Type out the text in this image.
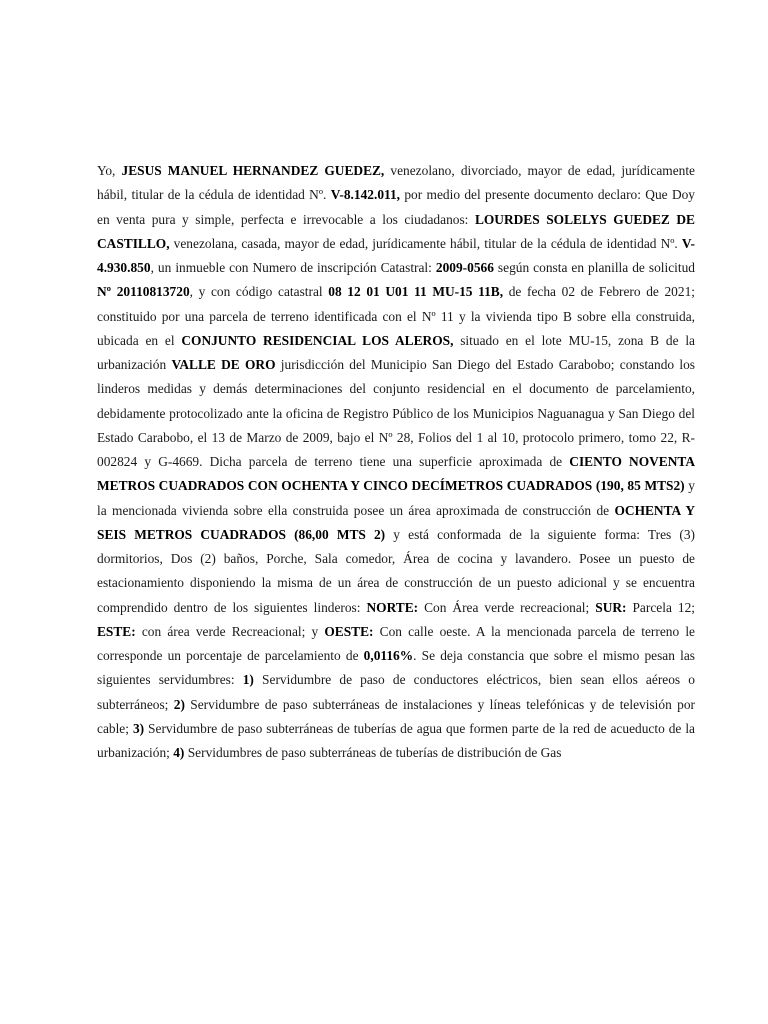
Yo, JESUS MANUEL HERNANDEZ GUEDEZ, venezolano, divorciado, mayor de edad, jurídicamente hábil, titular de la cédula de identidad Nº. V-8.142.011, por medio del presente documento declaro: Que Doy en venta pura y simple, perfecta e irrevocable a los ciudadanos: LOURDES SOLELYS GUEDEZ DE CASTILLO, venezolana, casada, mayor de edad, jurídicamente hábil, titular de la cédula de identidad Nº. V-4.930.850, un inmueble con Numero de inscripción Catastral: 2009-0566 según consta en planilla de solicitud Nº 20110813720, y con código catastral 08 12 01 U01 11 MU-15 11B, de fecha 02 de Febrero de 2021; constituido por una parcela de terreno identificada con el Nº 11 y la vivienda tipo B sobre ella construida, ubicada en el CONJUNTO RESIDENCIAL LOS ALEROS, situado en el lote MU-15, zona B de la urbanización VALLE DE ORO jurisdicción del Municipio San Diego del Estado Carabobo; constando los linderos medidas y demás determinaciones del conjunto residencial en el documento de parcelamiento, debidamente protocolizado ante la oficina de Registro Público de los Municipios Naguanagua y San Diego del Estado Carabobo, el 13 de Marzo de 2009, bajo el Nº 28, Folios del 1 al 10, protocolo primero, tomo 22, R-002824 y G-4669. Dicha parcela de terreno tiene una superficie aproximada de CIENTO NOVENTA METROS CUADRADOS CON OCHENTA Y CINCO DECÍMETROS CUADRADOS (190, 85 MTS2) y la mencionada vivienda sobre ella construida posee un área aproximada de construcción de OCHENTA Y SEIS METROS CUADRADOS (86,00 MTS 2) y está conformada de la siguiente forma: Tres (3) dormitorios, Dos (2) baños, Porche, Sala comedor, Área de cocina y lavandero. Posee un puesto de estacionamiento disponiendo la misma de un área de construcción de un puesto adicional y se encuentra comprendido dentro de los siguientes linderos: NORTE: Con Área verde recreacional; SUR: Parcela 12; ESTE: con área verde Recreacional; y OESTE: Con calle oeste. A la mencionada parcela de terreno le corresponde un porcentaje de parcelamiento de 0,0116%. Se deja constancia que sobre el mismo pesan las siguientes servidumbres: 1) Servidumbre de paso de conductores eléctricos, bien sean ellos aéreos o subterráneos; 2) Servidumbre de paso subterráneas de instalaciones y líneas telefónicas y de televisión por cable; 3) Servidumbre de paso subterráneas de tuberías de agua que formen parte de la red de acueducto de la urbanización; 4) Servidumbres de paso subterráneas de tuberías de distribución de Gas
